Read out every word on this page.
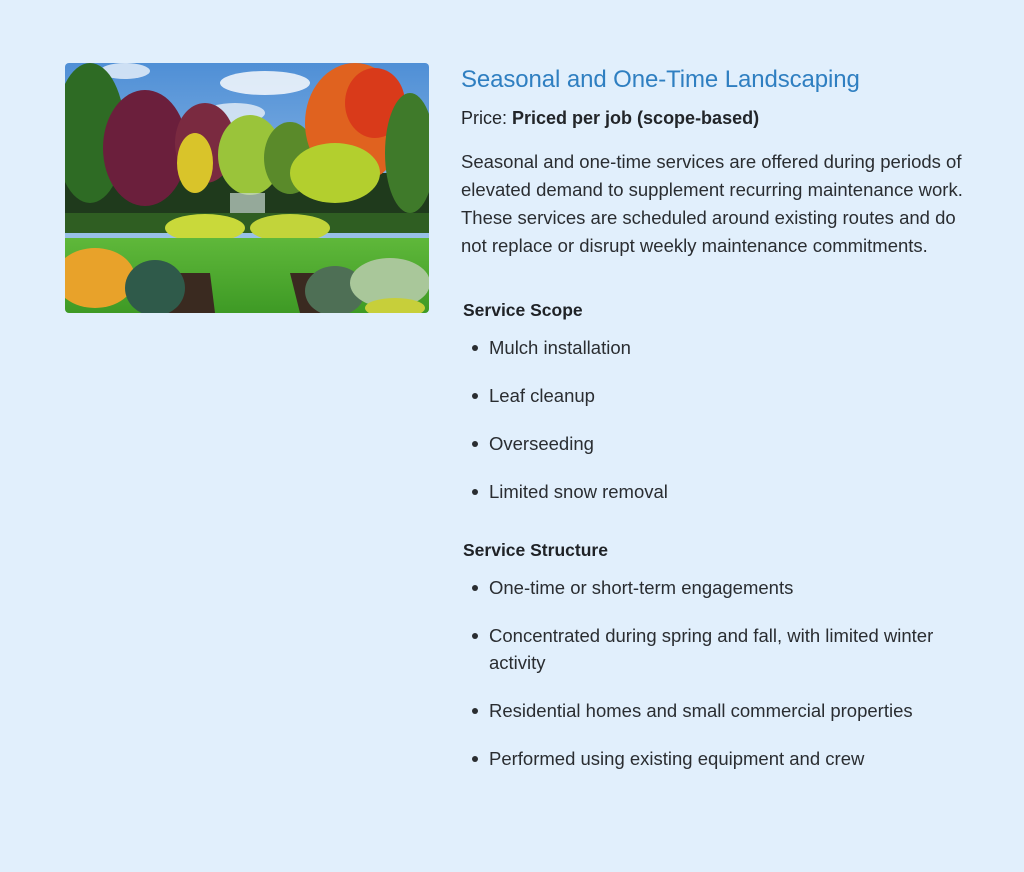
Seasonal and One-Time Landscaping
Price: Priced per job (scope-based)

Seasonal and one-time services are offered during periods of elevated demand to supplement recurring maintenance work. These services are scheduled around existing routes and do not replace or disrupt weekly maintenance commitments.

Service Scope
Mulch installation
Leaf cleanup
Overseeding
Limited snow removal
Service Structure
One-time or short-term engagements
Concentrated during spring and fall, with limited winter activity
Residential homes and small commercial properties
Performed using existing equipment and crew
